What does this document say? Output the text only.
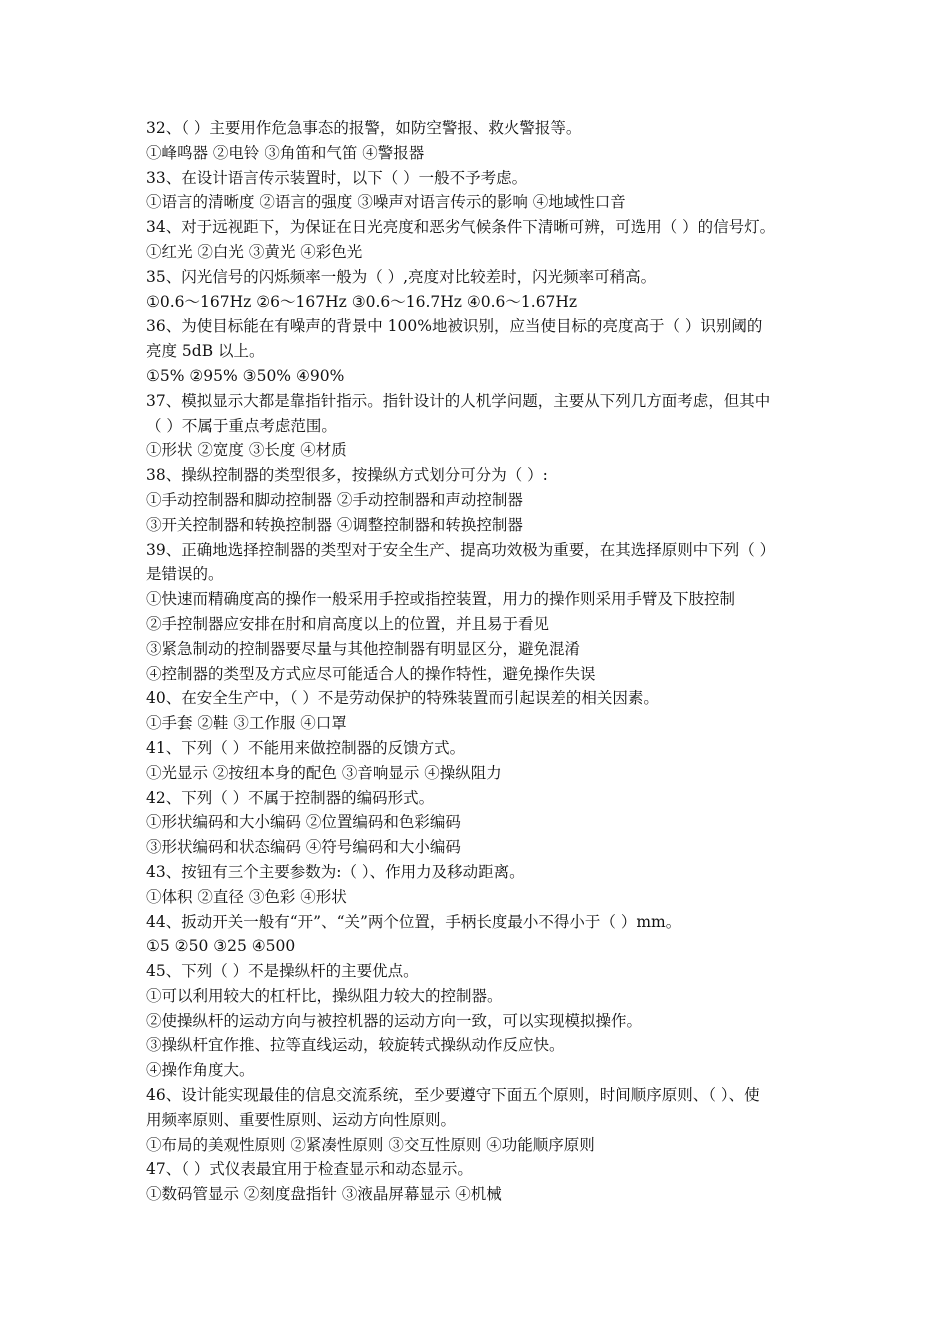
32、（ ）主要用作危急事态的报警，如防空警报、救火警报等。
①峰鸣器 ②电铃 ③角笛和气笛 ④警报器
33、在设计语言传示装置时，以下（ ）一般不予考虑。
①语言的清晰度 ②语言的强度 ③噪声对语言传示的影响 ④地域性口音
34、对于远视距下，为保证在日光亮度和恶劣气候条件下清晰可辨，可选用（ ）的信号灯。
①红光 ②白光 ③黄光 ④彩色光
35、闪光信号的闪烁频率一般为（ ）,亮度对比较差时，闪光频率可稍高。
①0.6～167Hz ②6～167Hz ③0.6～16.7Hz ④0.6～1.67Hz
36、为使目标能在有噪声的背景中 100%地被识别，应当使目标的亮度高于（ ）识别阈的
亮度 5dB 以上。
①5% ②95% ③50% ④90%
37、模拟显示大都是靠指针指示。指针设计的人机学问题，主要从下列几方面考虑，但其中
（ ）不属于重点考虑范围。
①形状 ②宽度 ③长度 ④材质
38、操纵控制器的类型很多，按操纵方式划分可分为（ ）:
①手动控制器和脚动控制器 ②手动控制器和声动控制器
③开关控制器和转换控制器 ④调整控制器和转换控制器
39、正确地选择控制器的类型对于安全生产、提高功效极为重要，在其选择原则中下列（ ）
是错误的。
①快速而精确度高的操作一般采用手控或指控装置，用力的操作则采用手臂及下肢控制
②手控制器应安排在肘和肩高度以上的位置，并且易于看见
③紧急制动的控制器要尽量与其他控制器有明显区分，避免混淆
④控制器的类型及方式应尽可能适合人的操作特性，避免操作失误
40、在安全生产中，（ ）不是劳动保护的特殊装置而引起误差的相关因素。
①手套 ②鞋 ③工作服 ④口罩
41、下列（ ）不能用来做控制器的反馈方式。
①光显示 ②按纽本身的配色 ③音响显示 ④操纵阻力
42、下列（ ）不属于控制器的编码形式。
①形状编码和大小编码 ②位置编码和色彩编码
③形状编码和状态编码 ④符号编码和大小编码
43、按钮有三个主要参数为:（ ）、作用力及移动距离。
①体积 ②直径 ③色彩 ④形状
44、扳动开关一般有“开”、“关”两个位置，手柄长度最小不得小于（ ）mm。
①5 ②50 ③25 ④500
45、下列（ ）不是操纵杆的主要优点。
①可以利用较大的杠杆比，操纵阻力较大的控制器。
②使操纵杆的运动方向与被控机器的运动方向一致，可以实现模拟操作。
③操纵杆宜作推、拉等直线运动，较旋转式操纵动作反应快。
④操作角度大。
46、设计能实现最佳的信息交流系统，至少要遵守下面五个原则，时间顺序原则、（ ）、使
用频率原则、重要性原则、运动方向性原则。
①布局的美观性原则 ②紧凑性原则 ③交互性原则 ④功能顺序原则
47、（ ）式仪表最宜用于检查显示和动态显示。
①数码管显示 ②刻度盘指针 ③液晶屏幕显示 ④机械
